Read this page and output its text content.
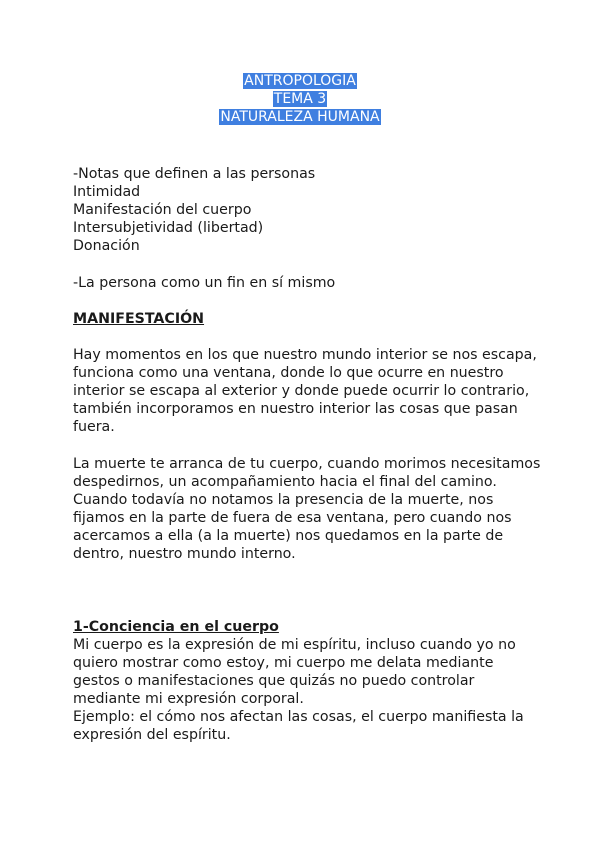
ANTROPOLOGIA
TEMA 3
NATURALEZA HUMANA

-Notas que definen a las personas

Intimidad

Manifestación del cuerpo

Intersubjetividad (libertad)

Donación

-La persona como un fin en sí mismo

MANIFESTACIÓN

Hay momentos en los que nuestro mundo interior se nos escapa, funciona como una ventana, donde lo que ocurre en nuestro interior se escapa al exterior y donde puede ocurrir lo contrario, también incorporamos en nuestro interior las cosas que pasan fuera.

La muerte te arranca de tu cuerpo, cuando morimos necesitamos despedirnos, un acompañamiento hacia el final del camino.

Cuando todavía no notamos la presencia de la muerte, nos fijamos en la parte de fuera de esa ventana, pero cuando nos acercamos a ella (a la muerte) nos quedamos en la parte de dentro, nuestro mundo interno.

1-Conciencia en el cuerpo

Mi cuerpo es la expresión de mi espíritu, incluso cuando yo no quiero mostrar como estoy, mi cuerpo me delata mediante gestos o manifestaciones que quizás no puedo controlar mediante mi expresión corporal.

Ejemplo: el cómo nos afectan las cosas, el cuerpo manifiesta la expresión del espíritu.
